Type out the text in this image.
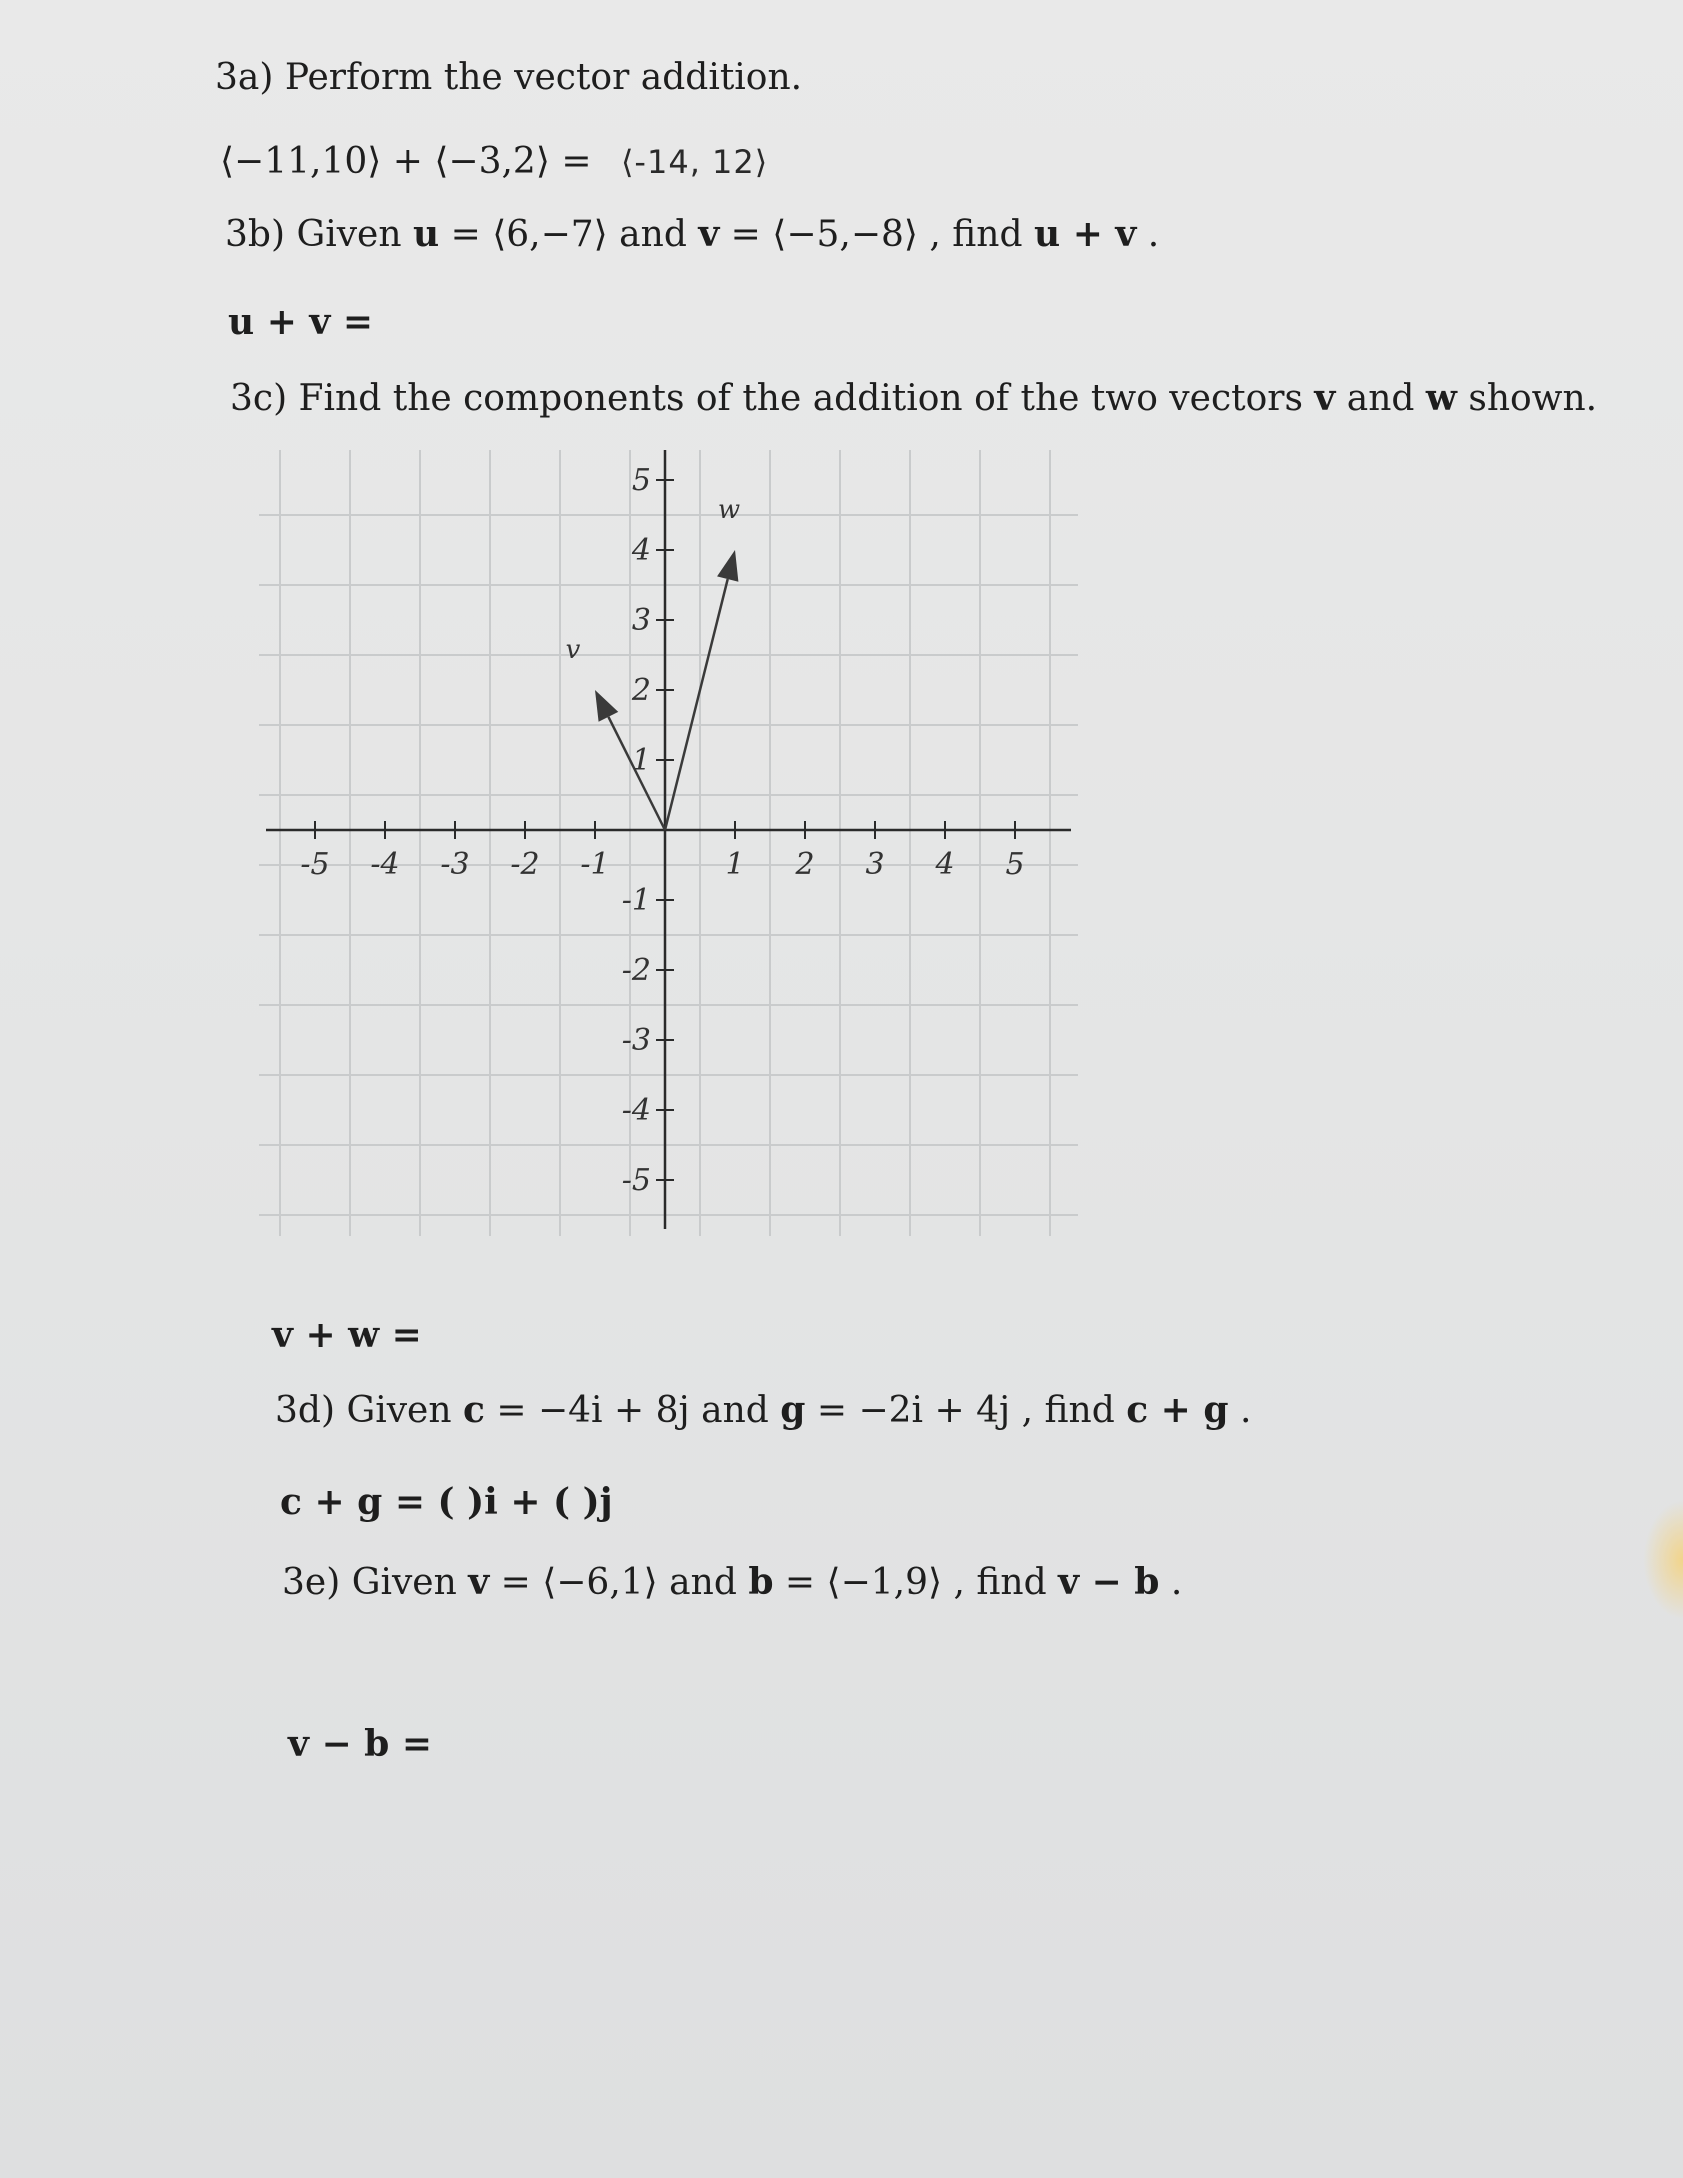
3a) Perform the vector addition.

⟨−11,10⟩ + ⟨−3,2⟩ = ⟨-14, 12⟩

3b) Given u = ⟨6,−7⟩ and v = ⟨−5,−8⟩ , find u + v .

u + v =

3c) Find the components of the addition of the two vectors v and w shown.

-5 -4 -3 -2 -1	1 2 3 4 5
5
4
3
2
1
-1
-2
-3
-4
-5
v
w

v + w =

3d) Given c = −4i + 8j and g = −2i + 4j , find c + g .

c + g = ( )i + ( )j

3e) Given v = ⟨−6,1⟩ and b = ⟨−1,9⟩ , find v − b .

v − b =
